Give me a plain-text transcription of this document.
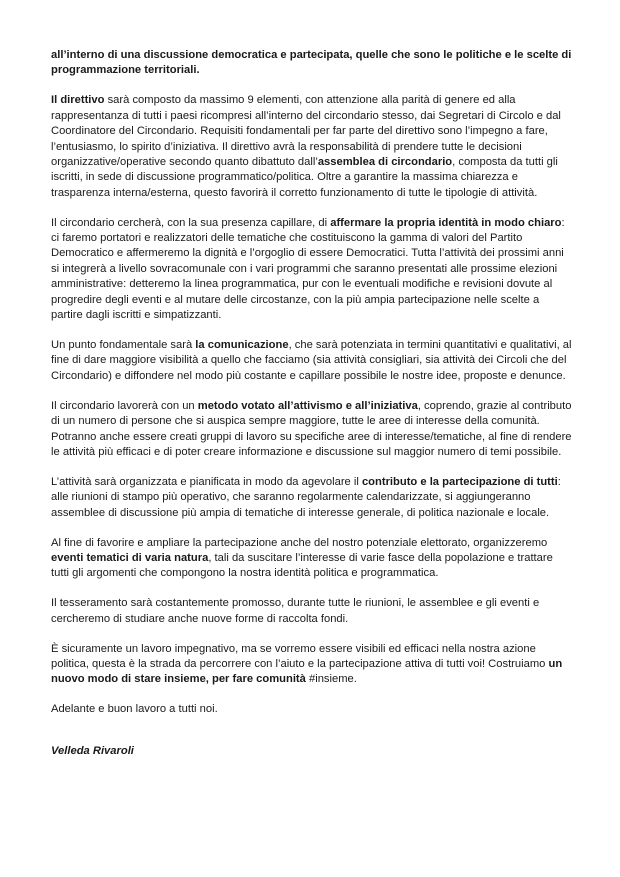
all’interno di una discussione democratica e partecipata, quelle che sono le politiche e le scelte di programmazione territoriali.

Il direttivo sarà composto da massimo 9 elementi, con attenzione alla parità di genere ed alla rappresentanza di tutti i paesi ricompresi all’interno del circondario stesso, dai Segretari di Circolo e dal Coordinatore del Circondario. Requisiti fondamentali per far parte del direttivo sono l’impegno a fare, l’entusiasmo, lo spirito d’iniziativa. Il direttivo avrà la responsabilità di prendere tutte le decisioni organizzative/operative secondo quanto dibattuto dall’assemblea di circondario, composta da tutti gli iscritti, in sede di discussione programmatico/politica. Oltre a garantire la massima chiarezza e trasparenza interna/esterna, questo favorirà il corretto funzionamento di tutte le tipologie di attività.

Il circondario cercherà, con la sua presenza capillare, di affermare la propria identità in modo chiaro: ci faremo portatori e realizzatori delle tematiche che costituiscono la gamma di valori del Partito Democratico e affermeremo la dignità e l’orgoglio di essere Democratici. Tutta l’attività dei prossimi anni si integrerà a livello sovracomunale con i vari programmi che saranno presentati alle prossime elezioni amministrative: detteremo la linea programmatica, pur con le eventuali modifiche e revisioni dovute al progredire degli eventi e al mutare delle circostanze, con la più ampia partecipazione nelle scelte a partire dagli iscritti e simpatizzanti.

Un punto fondamentale sarà la comunicazione, che sarà potenziata in termini quantitativi e qualitativi, al fine di dare maggiore visibilità a quello che facciamo (sia attività consigliari, sia attività dei Circoli che del Circondario) e diffondere nel modo più costante e capillare possibile le nostre idee, proposte e denunce.

Il circondario lavorerà con un metodo votato all’attivismo e all’iniziativa, coprendo, grazie al contributo di un numero di persone che si auspica sempre maggiore, tutte le aree di interesse della comunità. Potranno anche essere creati gruppi di lavoro su specifiche aree di interesse/tematiche, al fine di rendere le attività più efficaci e di poter creare informazione e discussione sul maggior numero di temi possibile.

L’attività sarà organizzata e pianificata in modo da agevolare il contributo e la partecipazione di tutti: alle riunioni di stampo più operativo, che saranno regolarmente calendarizzate, si aggiungeranno assemblee di discussione più ampia di tematiche di interesse generale, di politica nazionale e locale.

Al fine di favorire e ampliare la partecipazione anche del nostro potenziale elettorato, organizzeremo eventi tematici di varia natura, tali da suscitare l’interesse di varie fasce della popolazione e trattare tutti gli argomenti che compongono la nostra identità politica e programmatica.

Il tesseramento sarà costantemente promosso, durante tutte le riunioni, le assemblee e gli eventi e cercheremo di studiare anche nuove forme di raccolta fondi.

È sicuramente un lavoro impegnativo, ma se vorremo essere visibili ed efficaci nella nostra azione politica, questa è la strada da percorrere con l’aiuto e la partecipazione attiva di tutti voi! Costruiamo un nuovo modo di stare insieme, per fare comunità #insieme.

Adelante e buon lavoro a tutti noi.

Velleda Rivaroli
